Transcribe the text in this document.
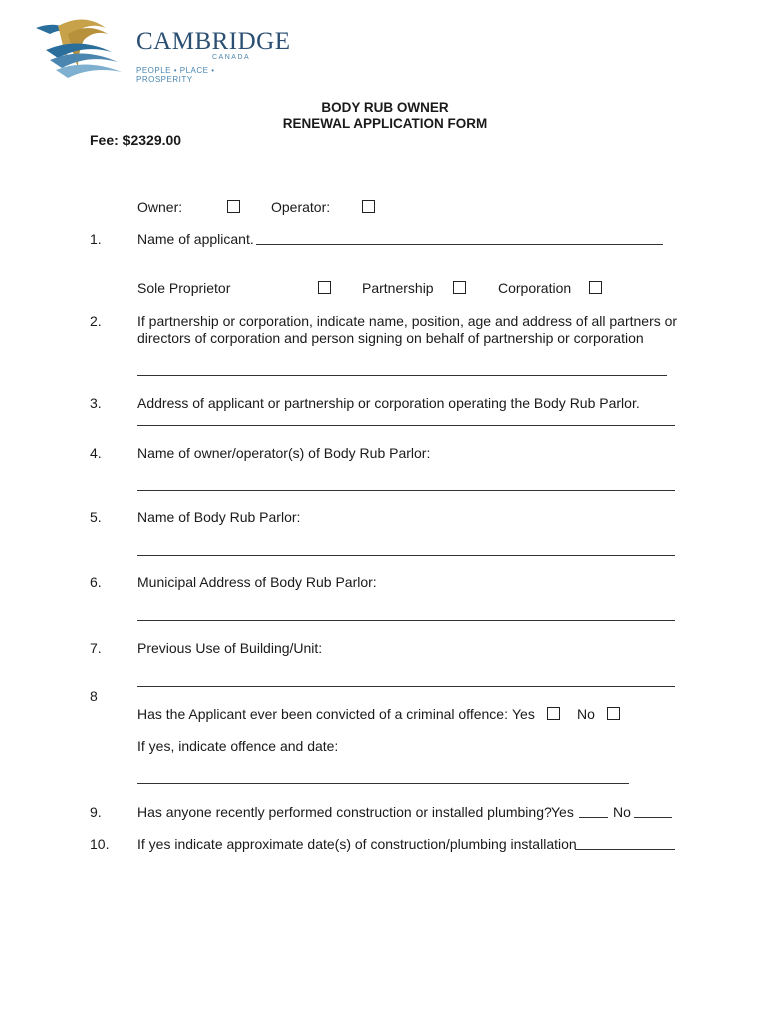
CAMBRIDGE
CANADA
PEOPLE • PLACE • PROSPERITY
BODY RUB OWNER
RENEWAL APPLICATION FORM
Fee: $2329.00
Owner:	Operator:
1.	Name of applicant.
Sole Proprietor	Partnership	Corporation
2.	If partnership or corporation, indicate name, position, age and address of all partners or
directors of corporation and person signing on behalf of partnership or corporation
3.	Address of applicant or partnership or corporation operating the Body Rub Parlor.
4.	Name of owner/operator(s) of Body Rub Parlor:
5.	Name of Body Rub Parlor:
6.	Municipal Address of Body Rub Parlor:
7.	Previous Use of Building/Unit:
8
Has the Applicant ever been convicted of a criminal offence: Yes	No
If yes, indicate offence and date:
9.	Has anyone recently performed construction or installed plumbing? Yes	No
10. If yes indicate approximate date(s) of construction/plumbing installation
